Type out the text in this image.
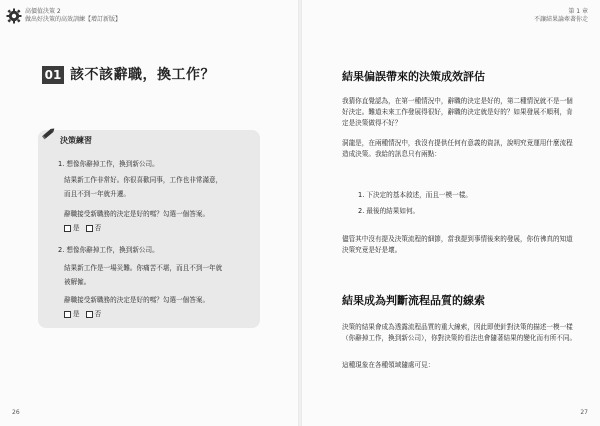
高價值決策 2
做出好決策的高效訓練【增訂新版】
01 該不該辭職，換工作？
決策練習
1. 想像你辭掉工作，換到新公司。
結果新工作非常好。你很喜歡同事，工作也非常滿意，
而且不到一年就升遷。
辭職接受新職務的決定是好的嗎？勾選一個答案。
是 否
2. 想像你辭掉工作，換到新公司。
結果新工作是一場災難。你痛苦不堪，而且不到一年就
被解僱。
辭職接受新職務的決定是好的嗎？勾選一個答案。
是 否
26
第 1 章
不讓結果論牽著你走
結果偏誤帶來的決策成效評估
我猜你直覺認為，在第一種情況中，辭職的決定是好的，第二種情況就不是一個好決定。難道未來工作發展得很好，辭職的決定就是好的？如果發展不順利，肯定是決策做得不好？
洞龍是，在兩種情況中，我沒有提供任何有意義的資訊，說明究竟運用什麼流程造成決策。我給的訊息只有兩點：
1. 下決定的基本敘述，而且一模一樣。
2. 最後的結果如何。
儘管其中沒有提及決策流程的細節，當我提到事情後來的發展，你仿彿真的知道決策究竟是好是壞。
結果成為判斷流程品質的線索
決策的結果會成為透露流程品質的重大線索，因此即使針對決策的描述一模一樣（你辭掉工作，換到新公司），你對決策的看法也會隨著結果的變化而有所不同。
這種現象在各種領域隨處可見：
27
